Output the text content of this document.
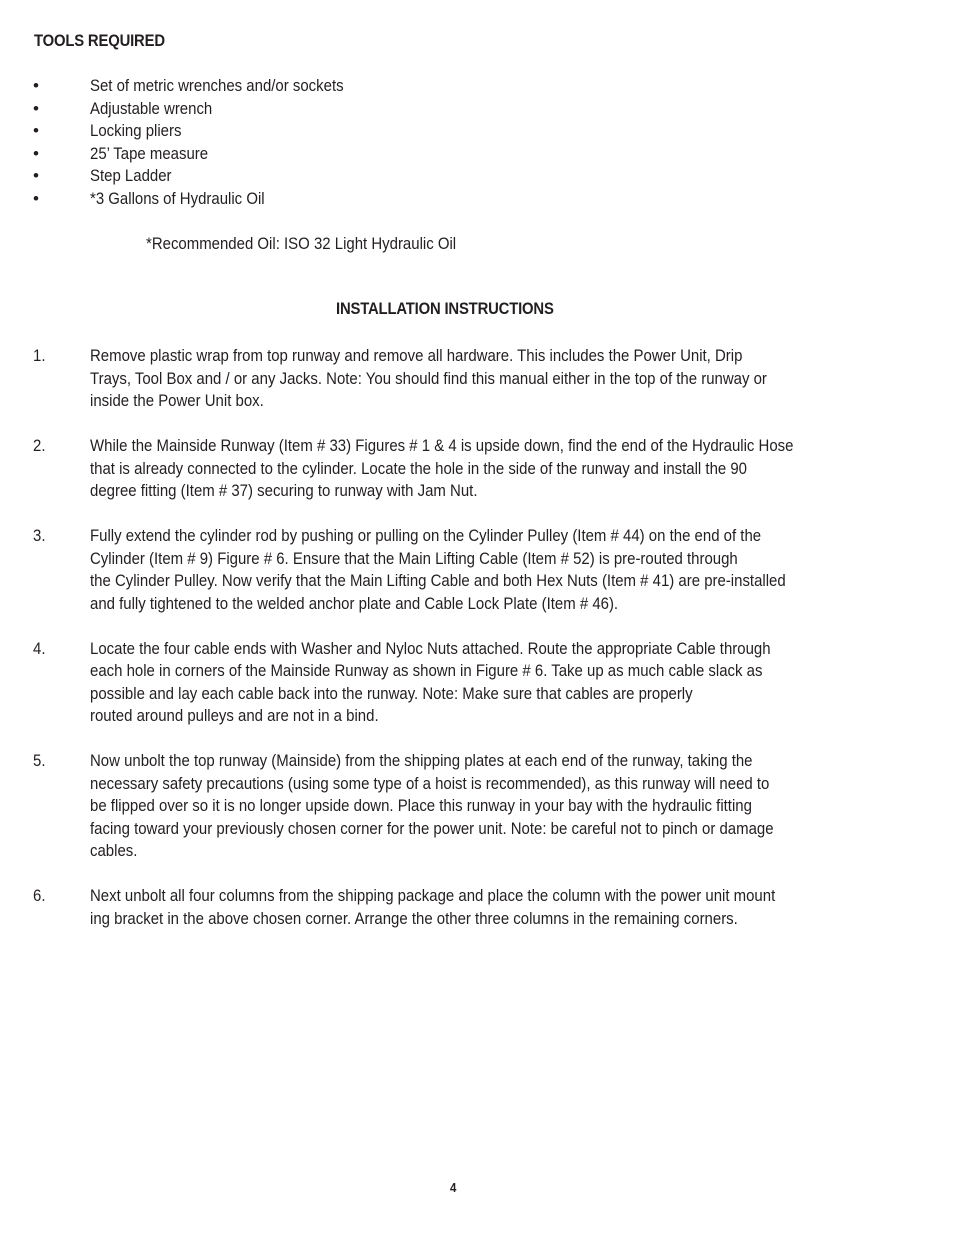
TOOLS REQUIRED
•	Set of metric wrenches and/or sockets
•	Adjustable wrench
•	Locking pliers
•	25’ Tape measure
•	Step Ladder
•	*3 Gallons of Hydraulic Oil
*Recommended Oil: ISO 32 Light Hydraulic Oil
INSTALLATION INSTRUCTIONS
1.	Remove plastic wrap from top runway and remove all hardware. This includes the Power Unit, Drip
Trays, Tool Box and / or any Jacks. Note: You should find this manual either in the top of the runway or
inside the Power Unit box.
2.	While the Mainside Runway (Item # 33) Figures # 1 & 4 is upside down, find the end of the Hydraulic Hose
that is already connected to the cylinder. Locate the hole in the side of the runway and install the 90
degree fitting (Item # 37) securing to runway with Jam Nut.
3.	Fully extend the cylinder rod by pushing or pulling on the Cylinder Pulley (Item # 44) on the end of the
Cylinder (Item # 9) Figure # 6. Ensure that the Main Lifting Cable (Item # 52) is pre-routed through
the Cylinder Pulley. Now verify that the Main Lifting Cable and both Hex Nuts (Item # 41) are pre-installed
and fully tightened to the welded anchor plate and Cable Lock Plate (Item # 46).
4.	Locate the four cable ends with Washer and Nyloc Nuts attached. Route the appropriate Cable through
each hole in corners of the Mainside Runway as shown in Figure # 6. Take up as much cable slack as
possible and lay each cable back into the runway. Note: Make sure that cables are properly
routed around pulleys and are not in a bind.
5.	Now unbolt the top runway (Mainside) from the shipping plates at each end of the runway, taking the
necessary safety precautions (using some type of a hoist is recommended), as this runway will need to
be flipped over so it is no longer upside down. Place this runway in your bay with the hydraulic fitting
facing toward your previously chosen corner for the power unit. Note: be careful not to pinch or damage
cables.
6.	Next unbolt all four columns from the shipping package and place the column with the power unit mount
ing bracket in the above chosen corner. Arrange the other three columns in the remaining corners.
4
